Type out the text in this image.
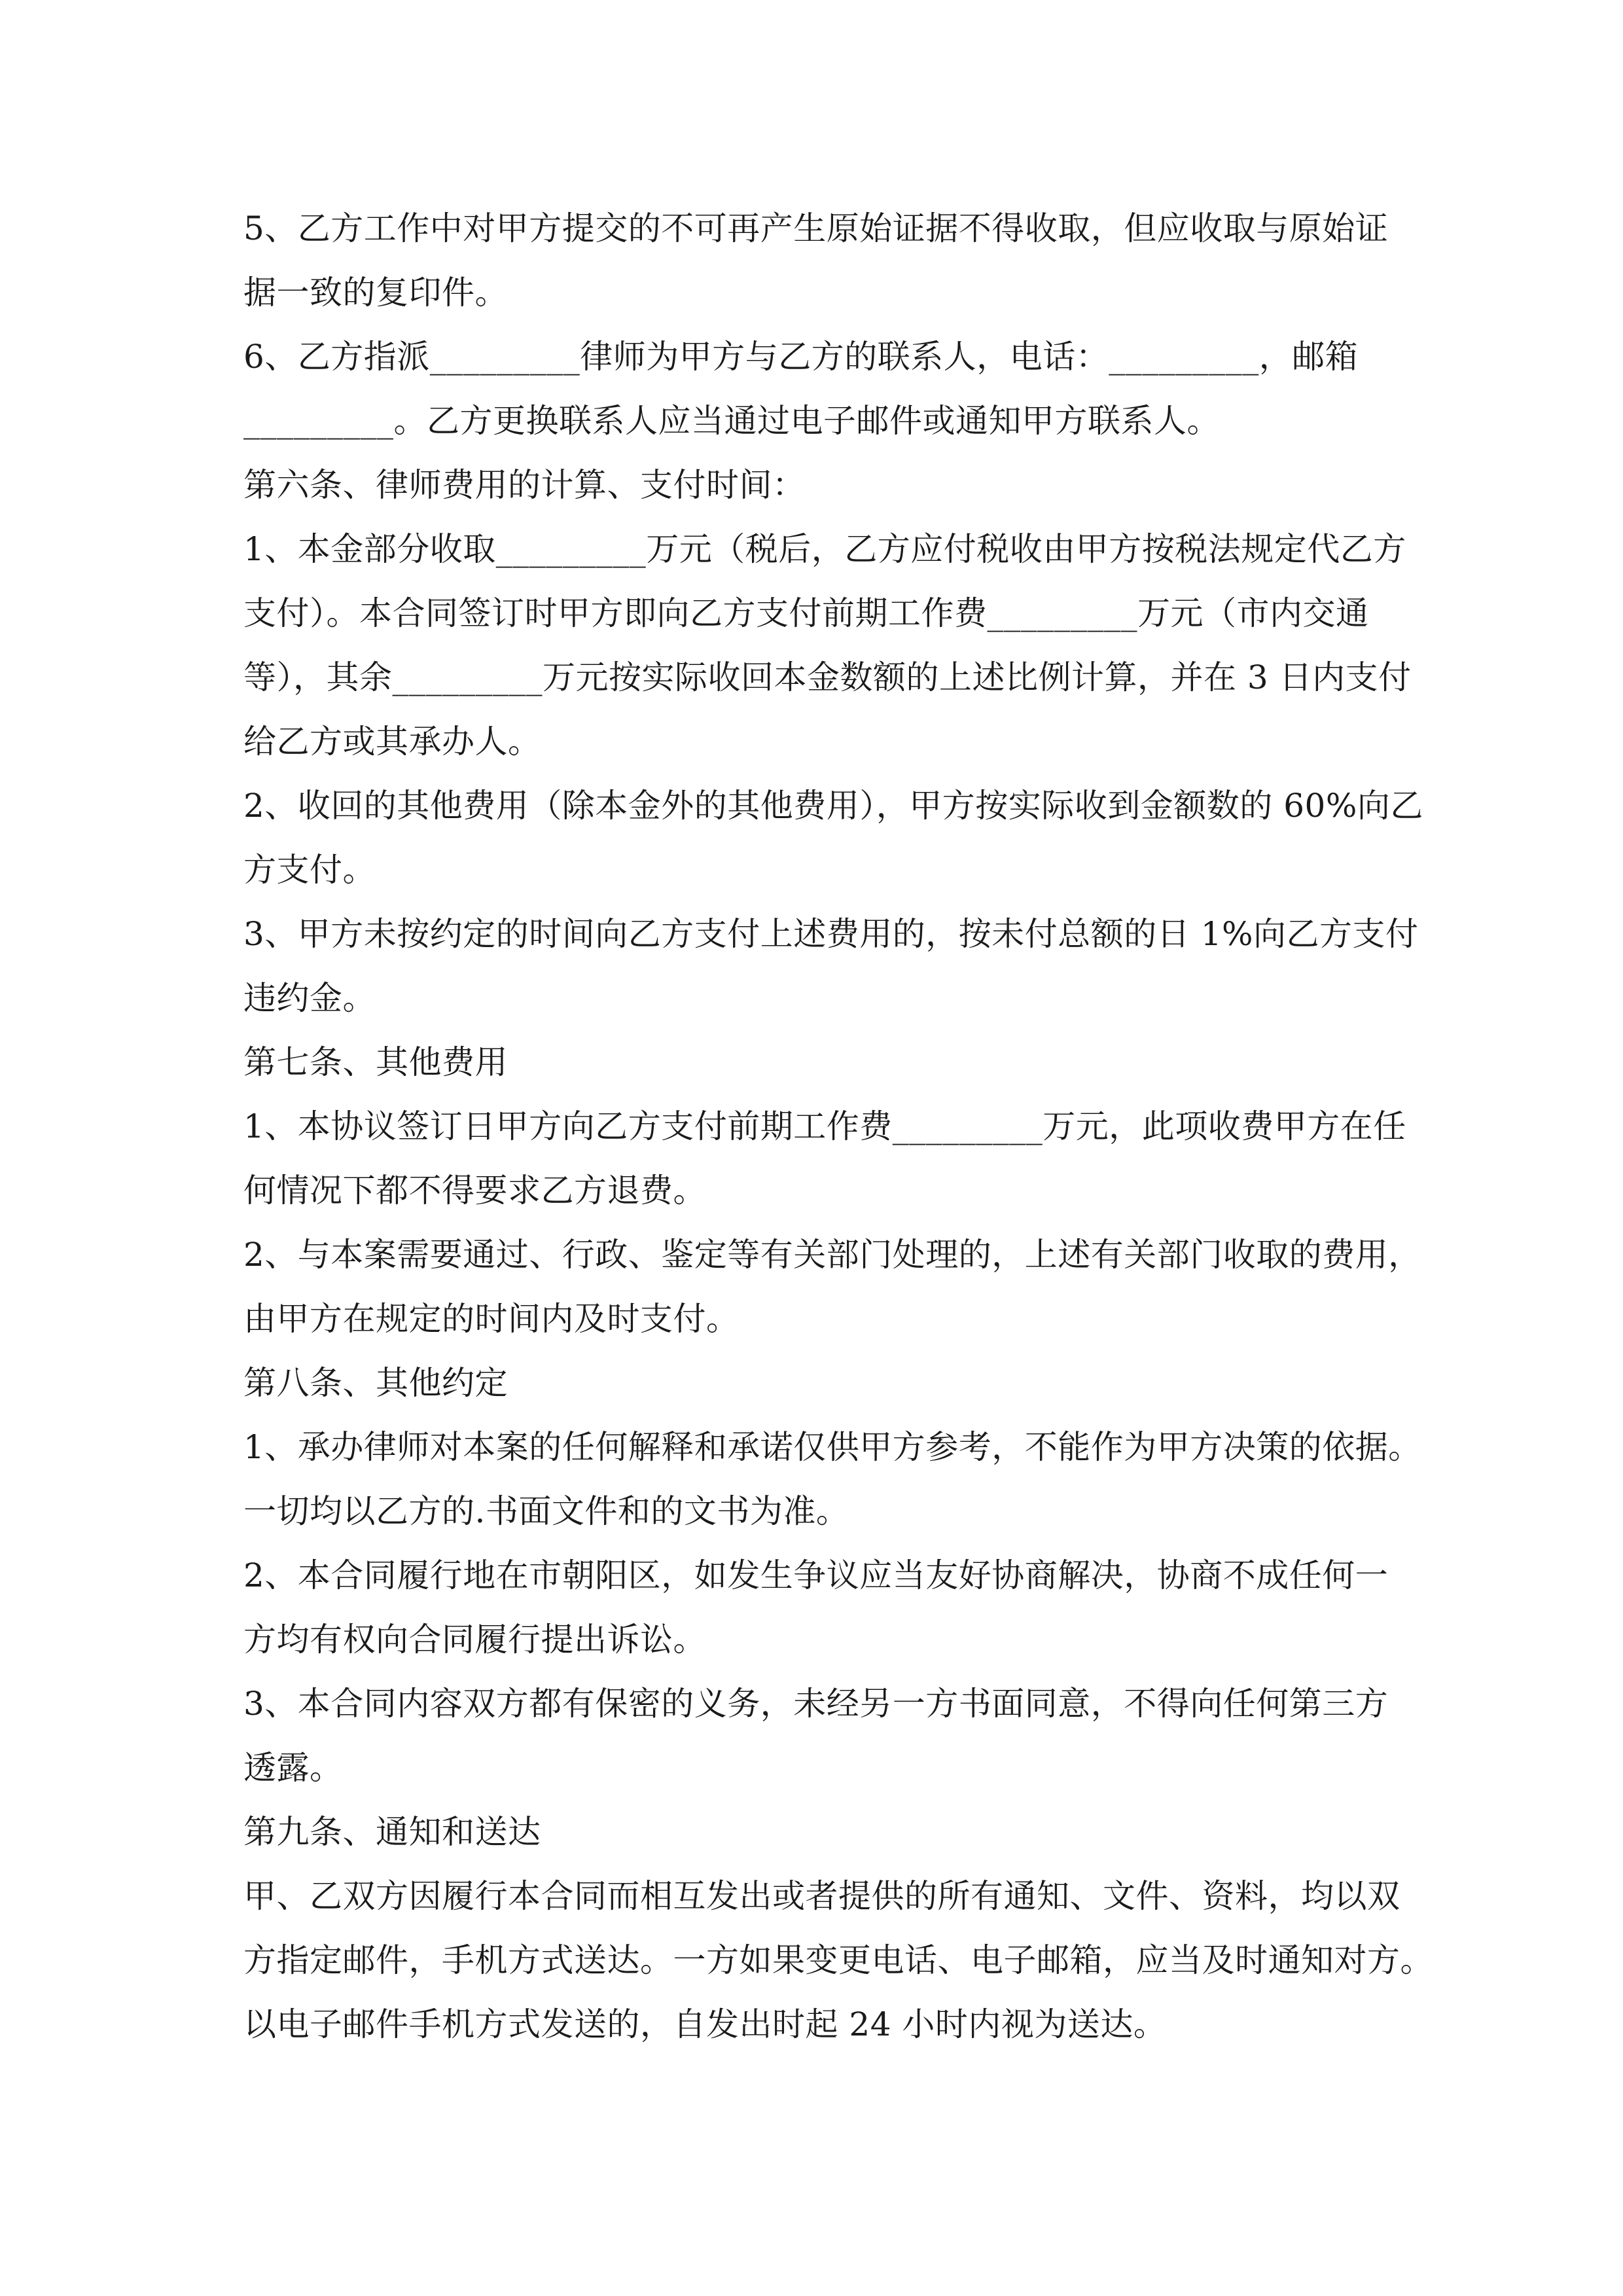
5、乙方工作中对甲方提交的不可再产生原始证据不得收取，但应收取与原始证
据一致的复印件。
6、乙方指派_________律师为甲方与乙方的联系人，电话：_________，邮箱
_________。乙方更换联系人应当通过电子邮件或通知甲方联系人。
第六条、律师费用的计算、支付时间：
1、本金部分收取_________万元（税后，乙方应付税收由甲方按税法规定代乙方
支付）。本合同签订时甲方即向乙方支付前期工作费_________万元（市内交通
等），其余_________万元按实际收回本金数额的上述比例计算，并在 3 日内支付
给乙方或其承办人。
2、收回的其他费用（除本金外的其他费用），甲方按实际收到金额数的 60%向乙
方支付。
3、甲方未按约定的时间向乙方支付上述费用的，按未付总额的日 1%向乙方支付
违约金。
第七条、其他费用
1、本协议签订日甲方向乙方支付前期工作费_________万元，此项收费甲方在任
何情况下都不得要求乙方退费。
2、与本案需要通过、行政、鉴定等有关部门处理的，上述有关部门收取的费用，
由甲方在规定的时间内及时支付。
第八条、其他约定
1、承办律师对本案的任何解释和承诺仅供甲方参考，不能作为甲方决策的依据。
一切均以乙方的.书面文件和的文书为准。
2、本合同履行地在市朝阳区，如发生争议应当友好协商解决，协商不成任何一
方均有权向合同履行提出诉讼。
3、本合同内容双方都有保密的义务，未经另一方书面同意，不得向任何第三方
透露。
第九条、通知和送达
甲、乙双方因履行本合同而相互发出或者提供的所有通知、文件、资料，均以双
方指定邮件，手机方式送达。一方如果变更电话、电子邮箱，应当及时通知对方。
以电子邮件手机方式发送的，自发出时起 24 小时内视为送达。
